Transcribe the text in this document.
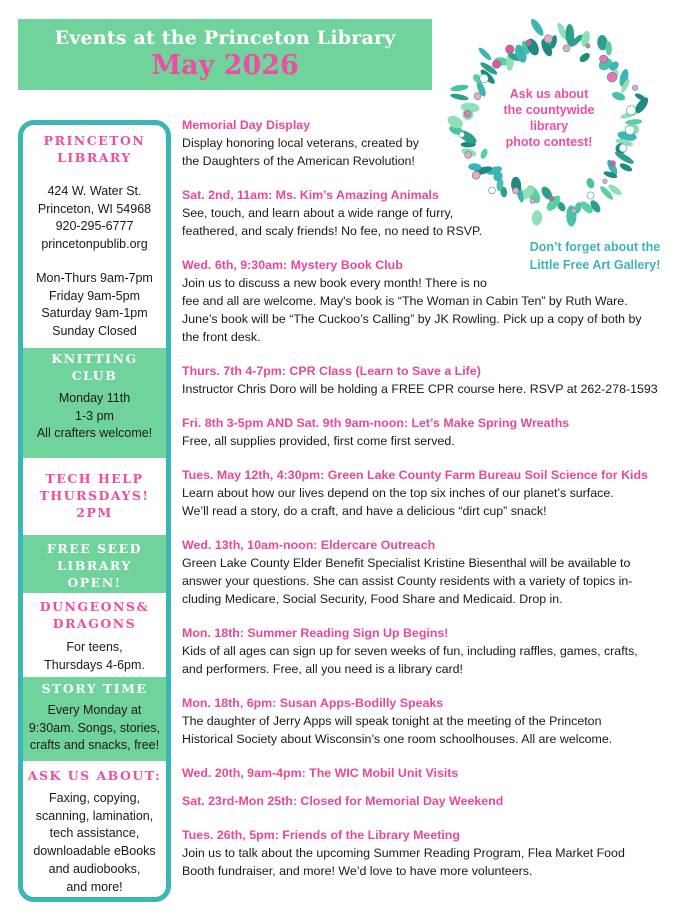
Events at the Princeton Library
May 2026
Ask us about
the countywide
library
photo contest!
Don’t forget about the
Little Free Art Gallery!
PRINCETON
LIBRARY
424 W. Water St.
Princeton, WI 54968
920-295-6777
princetonpublib.org
Mon-Thurs 9am-7pm
Friday 9am-5pm
Saturday 9am-1pm
Sunday Closed
KNITTING
CLUB
Monday 11th
1-3 pm
All crafters welcome!
TECH HELP
THURSDAYS!
2PM
FREE SEED
LIBRARY
OPEN!
DUNGEONS&
DRAGONS
For teens,
Thursdays 4-6pm.
STORY TIME
Every Monday at
9:30am. Songs, stories,
crafts and snacks, free!
ASK US ABOUT:
Faxing, copying,
scanning, lamination,
tech assistance,
downloadable eBooks
and audiobooks,
and more!
Memorial Day Display
Display honoring local veterans, created by
the Daughters of the American Revolution!
Sat. 2nd, 11am: Ms. Kim’s Amazing Animals
See, touch, and learn about a wide range of furry,
feathered, and scaly friends! No fee, no need to RSVP.
Wed. 6th, 9:30am: Mystery Book Club
Join us to discuss a new book every month! There is no
fee and all are welcome. May's book is “The Woman in Cabin Ten” by Ruth Ware.
June’s book will be “The Cuckoo’s Calling” by JK Rowling. Pick up a copy of both by
the front desk.
Thurs. 7th 4-7pm: CPR Class (Learn to Save a Life)
Instructor Chris Doro will be holding a FREE CPR course here. RSVP at 262-278-1593
Fri. 8th 3-5pm AND Sat. 9th 9am-noon: Let’s Make Spring Wreaths
Free, all supplies provided, first come first served.
Tues. May 12th, 4:30pm: Green Lake County Farm Bureau Soil Science for Kids
Learn about how our lives depend on the top six inches of our planet’s surface.
We’ll read a story, do a craft, and have a delicious “dirt cup” snack!
Wed. 13th, 10am-noon: Eldercare Outreach
Green Lake County Elder Benefit Specialist Kristine Biesenthal will be available to
answer your questions. She can assist County residents with a variety of topics in-
cluding Medicare, Social Security, Food Share and Medicaid. Drop in.
Mon. 18th: Summer Reading Sign Up Begins!
Kids of all ages can sign up for seven weeks of fun, including raffles, games, crafts,
and performers. Free, all you need is a library card!
Mon. 18th, 6pm: Susan Apps-Bodilly Speaks
The daughter of Jerry Apps will speak tonight at the meeting of the Princeton
Historical Society about Wisconsin’s one room schoolhouses. All are welcome.
Wed. 20th, 9am-4pm: The WIC Mobil Unit Visits
Sat. 23rd-Mon 25th: Closed for Memorial Day Weekend
Tues. 26th, 5pm: Friends of the Library Meeting
Join us to talk about the upcoming Summer Reading Program, Flea Market Food
Booth fundraiser, and more! We’d love to have more volunteers.
